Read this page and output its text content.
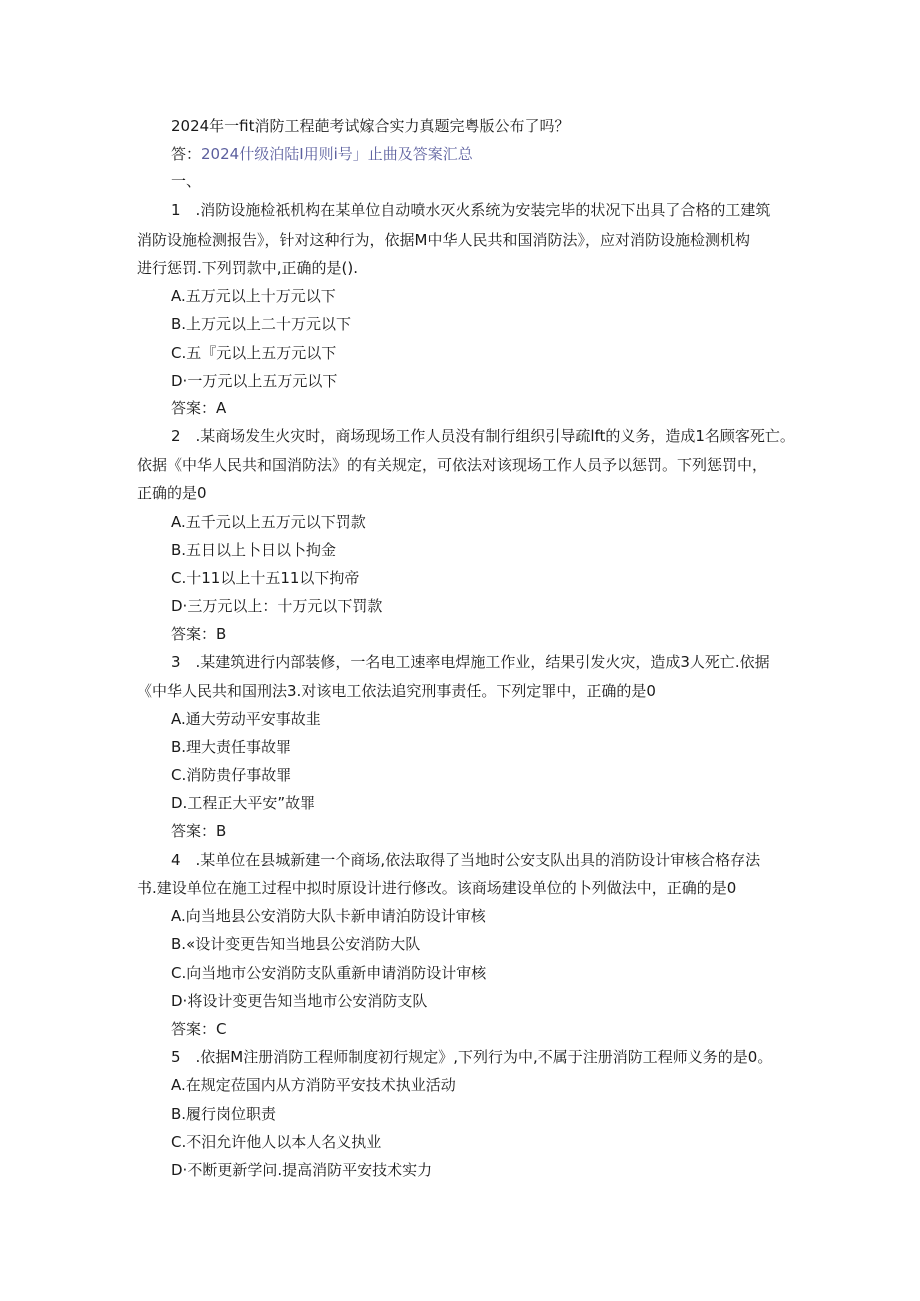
2024年一fit消防工程葩考试嫁合实力真题完粤版公布了吗？
答：2024什级泊陆I用则i号」止曲及答案汇总
一、
1　.消防设施检祇机构在某单位自动喷水灭火系统为安装完毕的状况下出具了合格的工建筑
消防设施检测报告》，针对这种行为，依据M中华人民共和国消防法》，应对消防设施检测机构
进行惩罚.下列罚款中,正确的是().
A.五万元以上十万元以下
B.上万元以上二十万元以下
C.五『元以上五万元以下
D·一万元以上五万元以下
答案：A
2　.某商场发生火灾时，商场现场工作人员没有制行组织引导疏lft的义务，造成1名顾客死亡。
依据《中华人民共和国消防法》的有关规定，可依法对该现场工作人员予以惩罚。下列惩罚中，
正确的是0
A.五千元以上五万元以下罚款
B.五日以上卜日以卜拘金
C.十11以上十五11以下拘帝
D·三万元以上：十万元以下罚款
答案：B
3　.某建筑进行内部装修，一名电工速率电焊施工作业，结果引发火灾，造成3人死亡.依据
《中华人民共和国刑法3.对该电工依法追究刑事责任。下列定罪中，正确的是0
A.通大劳动平安事故韭
B.理大责任事故罪
C.消防贵仔事故罪
D.工程正大平安”故罪
答案：B
4　.某单位在县城新建一个商场,依法取得了当地时公安支队出具的消防设计审核合格存法
书.建设单位在施工过程中拟时原设计进行修改。该商场建设单位的卜列做法中，正确的是0
A.向当地县公安消防大队卡新申请泊防设计审核
B.«设计变更告知当地县公安消防大队
C.向当地市公安消防支队重新申请消防设计审核
D·将设计变更告知当地市公安消防支队
答案：C
5　.依据M注册消防工程师制度初行规定》,下列行为中,不属于注册消防工程师义务的是0。
A.在规定莅国内从方消防平安技术执业活动
B.履行岗位职责
C.不汨允许他人以本人名义执业
D·不断更新学问.提高消防平安技术实力
